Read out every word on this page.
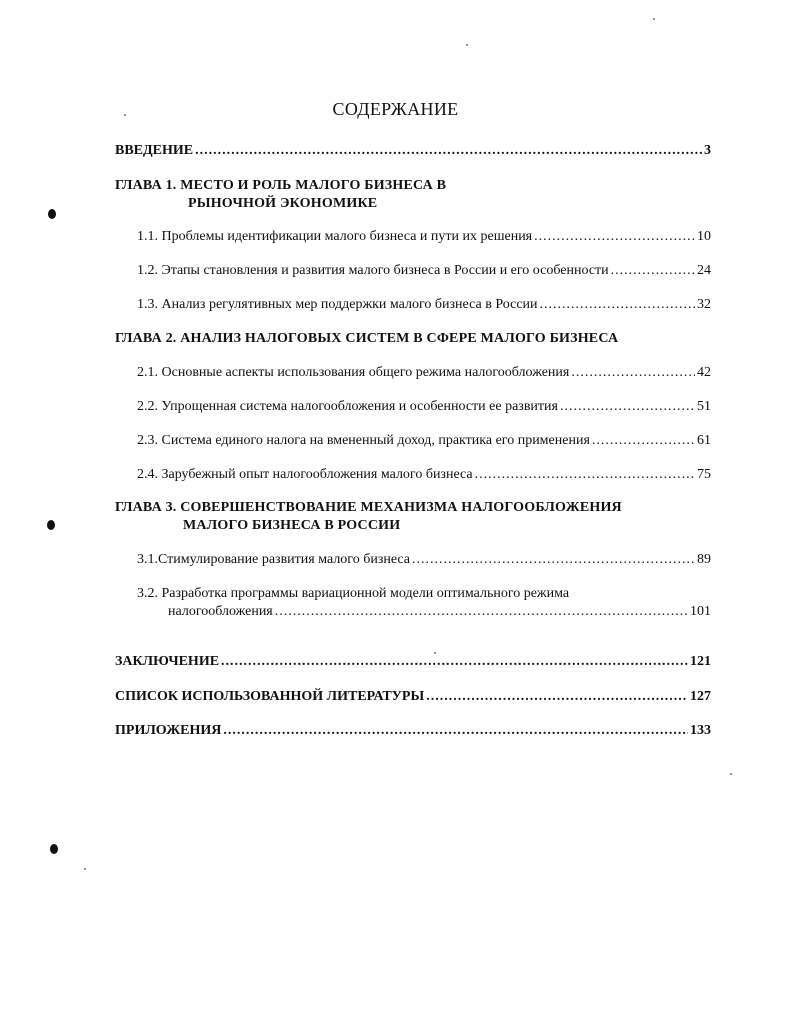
СОДЕРЖАНИЕ
ВВЕДЕНИЕ .....	3
ГЛАВА 1. МЕСТО И РОЛЬ МАЛОГО БИЗНЕСА В
РЫНОЧНОЙ ЭКОНОМИКЕ
1.1. Проблемы идентификации малого бизнеса и пути их решения .....	10
1.2. Этапы становления и развития малого бизнеса в России и его особенности .....	24
1.3. Анализ регулятивных мер поддержки малого бизнеса в России .....	32
ГЛАВА 2. АНАЛИЗ НАЛОГОВЫХ СИСТЕМ В СФЕРЕ МАЛОГО БИЗНЕСА
2.1. Основные аспекты использования общего режима налогообложения .....	42
2.2. Упрощенная система налогообложения и особенности ее развития .....	51
2.3. Система единого налога на вмененный доход, практика его применения .....	61
2.4. Зарубежный опыт налогообложения малого бизнеса .....	75
ГЛАВА 3. СОВЕРШЕНСТВОВАНИЕ МЕХАНИЗМА НАЛОГООБЛОЖЕНИЯ
МАЛОГО БИЗНЕСА В РОССИИ
3.1.Стимулирование развития малого бизнеса .....	89
3.2. Разработка программы вариационной модели оптимального режима
налогообложения .....	101
ЗАКЛЮЧЕНИЕ .....	121
СПИСОК ИСПОЛЬЗОВАННОЙ ЛИТЕРАТУРЫ .....	127
ПРИЛОЖЕНИЯ .....	133
